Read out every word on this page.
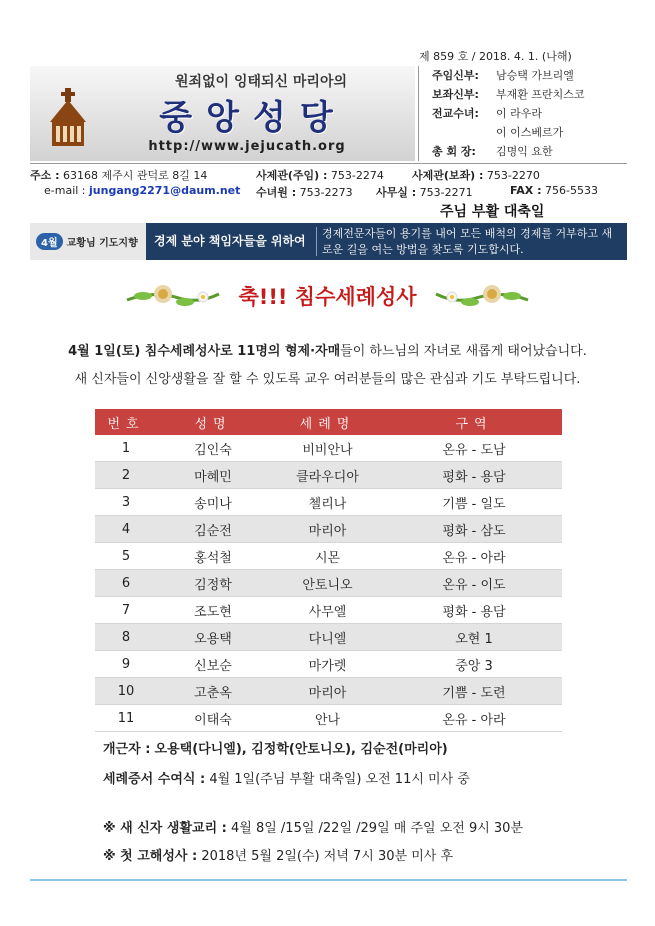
제 859 호 / 2018. 4. 1. (나해)
원죄없이 잉태되신 마리아의
중앙성당
http://www.jejucath.org
주임신부:	남승택 가브리엘
보좌신부:	부재환 프란치스코
전교수녀:	이 라우라
이 이스베르가
총 회 장:	김명익 요한
주소 : 63168 제주시 관덕로 8길 14	사제관(주임) : 753-2274	사제관(보좌) : 753-2270
e-mail : jungang2271@daum.net 수녀원 : 753-2273 사무실 : 753-2271	FAX : 756-5533
주님 부활 대축일
4월 교황님 기도지향 경제 분야 책임자들을 위하여
경제전문자들이 용기를 내어 모든 배척의 경제를 거부하고 새로운 길을 여는 방법을 찾도록 기도합시다.
축!!! 침수세례성사
4월 1일(토) 침수세례성사로 11명의 형제·자매들이 하느님의 자녀로 새롭게 태어났습니다.
새 신자들이 신앙생활을 잘 할 수 있도록 교우 여러분들의 많은 관심과 기도 부탁드립니다.
번호	성명	세례명	구역
1	김인숙	비비안나	온유 - 도남
2	마혜민	클라우디아	평화 - 용담
3	송미나	첼리나	기쁨 - 일도
4	김순전	마리아	평화 - 삼도
5	홍석철	시몬	온유 - 아라
6	김정학	안토니오	온유 - 이도
7	조도현	사무엘	평화 - 용담
8	오용택	다니엘	오현 1
9	신보순	마가렛	중앙 3
10	고춘옥	마리아	기쁨 - 도련
11	이태숙	안나	온유 - 아라
개근자 : 오용택(다니엘), 김정학(안토니오), 김순전(마리아)
세례증서 수여식 : 4월 1일(주님 부활 대축일) 오전 11시 미사 중
※ 새 신자 생활교리 : 4월 8일 /15일 /22일 /29일 매 주일 오전 9시 30분
※ 첫 고해성사 : 2018년 5월 2일(수) 저녁 7시 30분 미사 후
